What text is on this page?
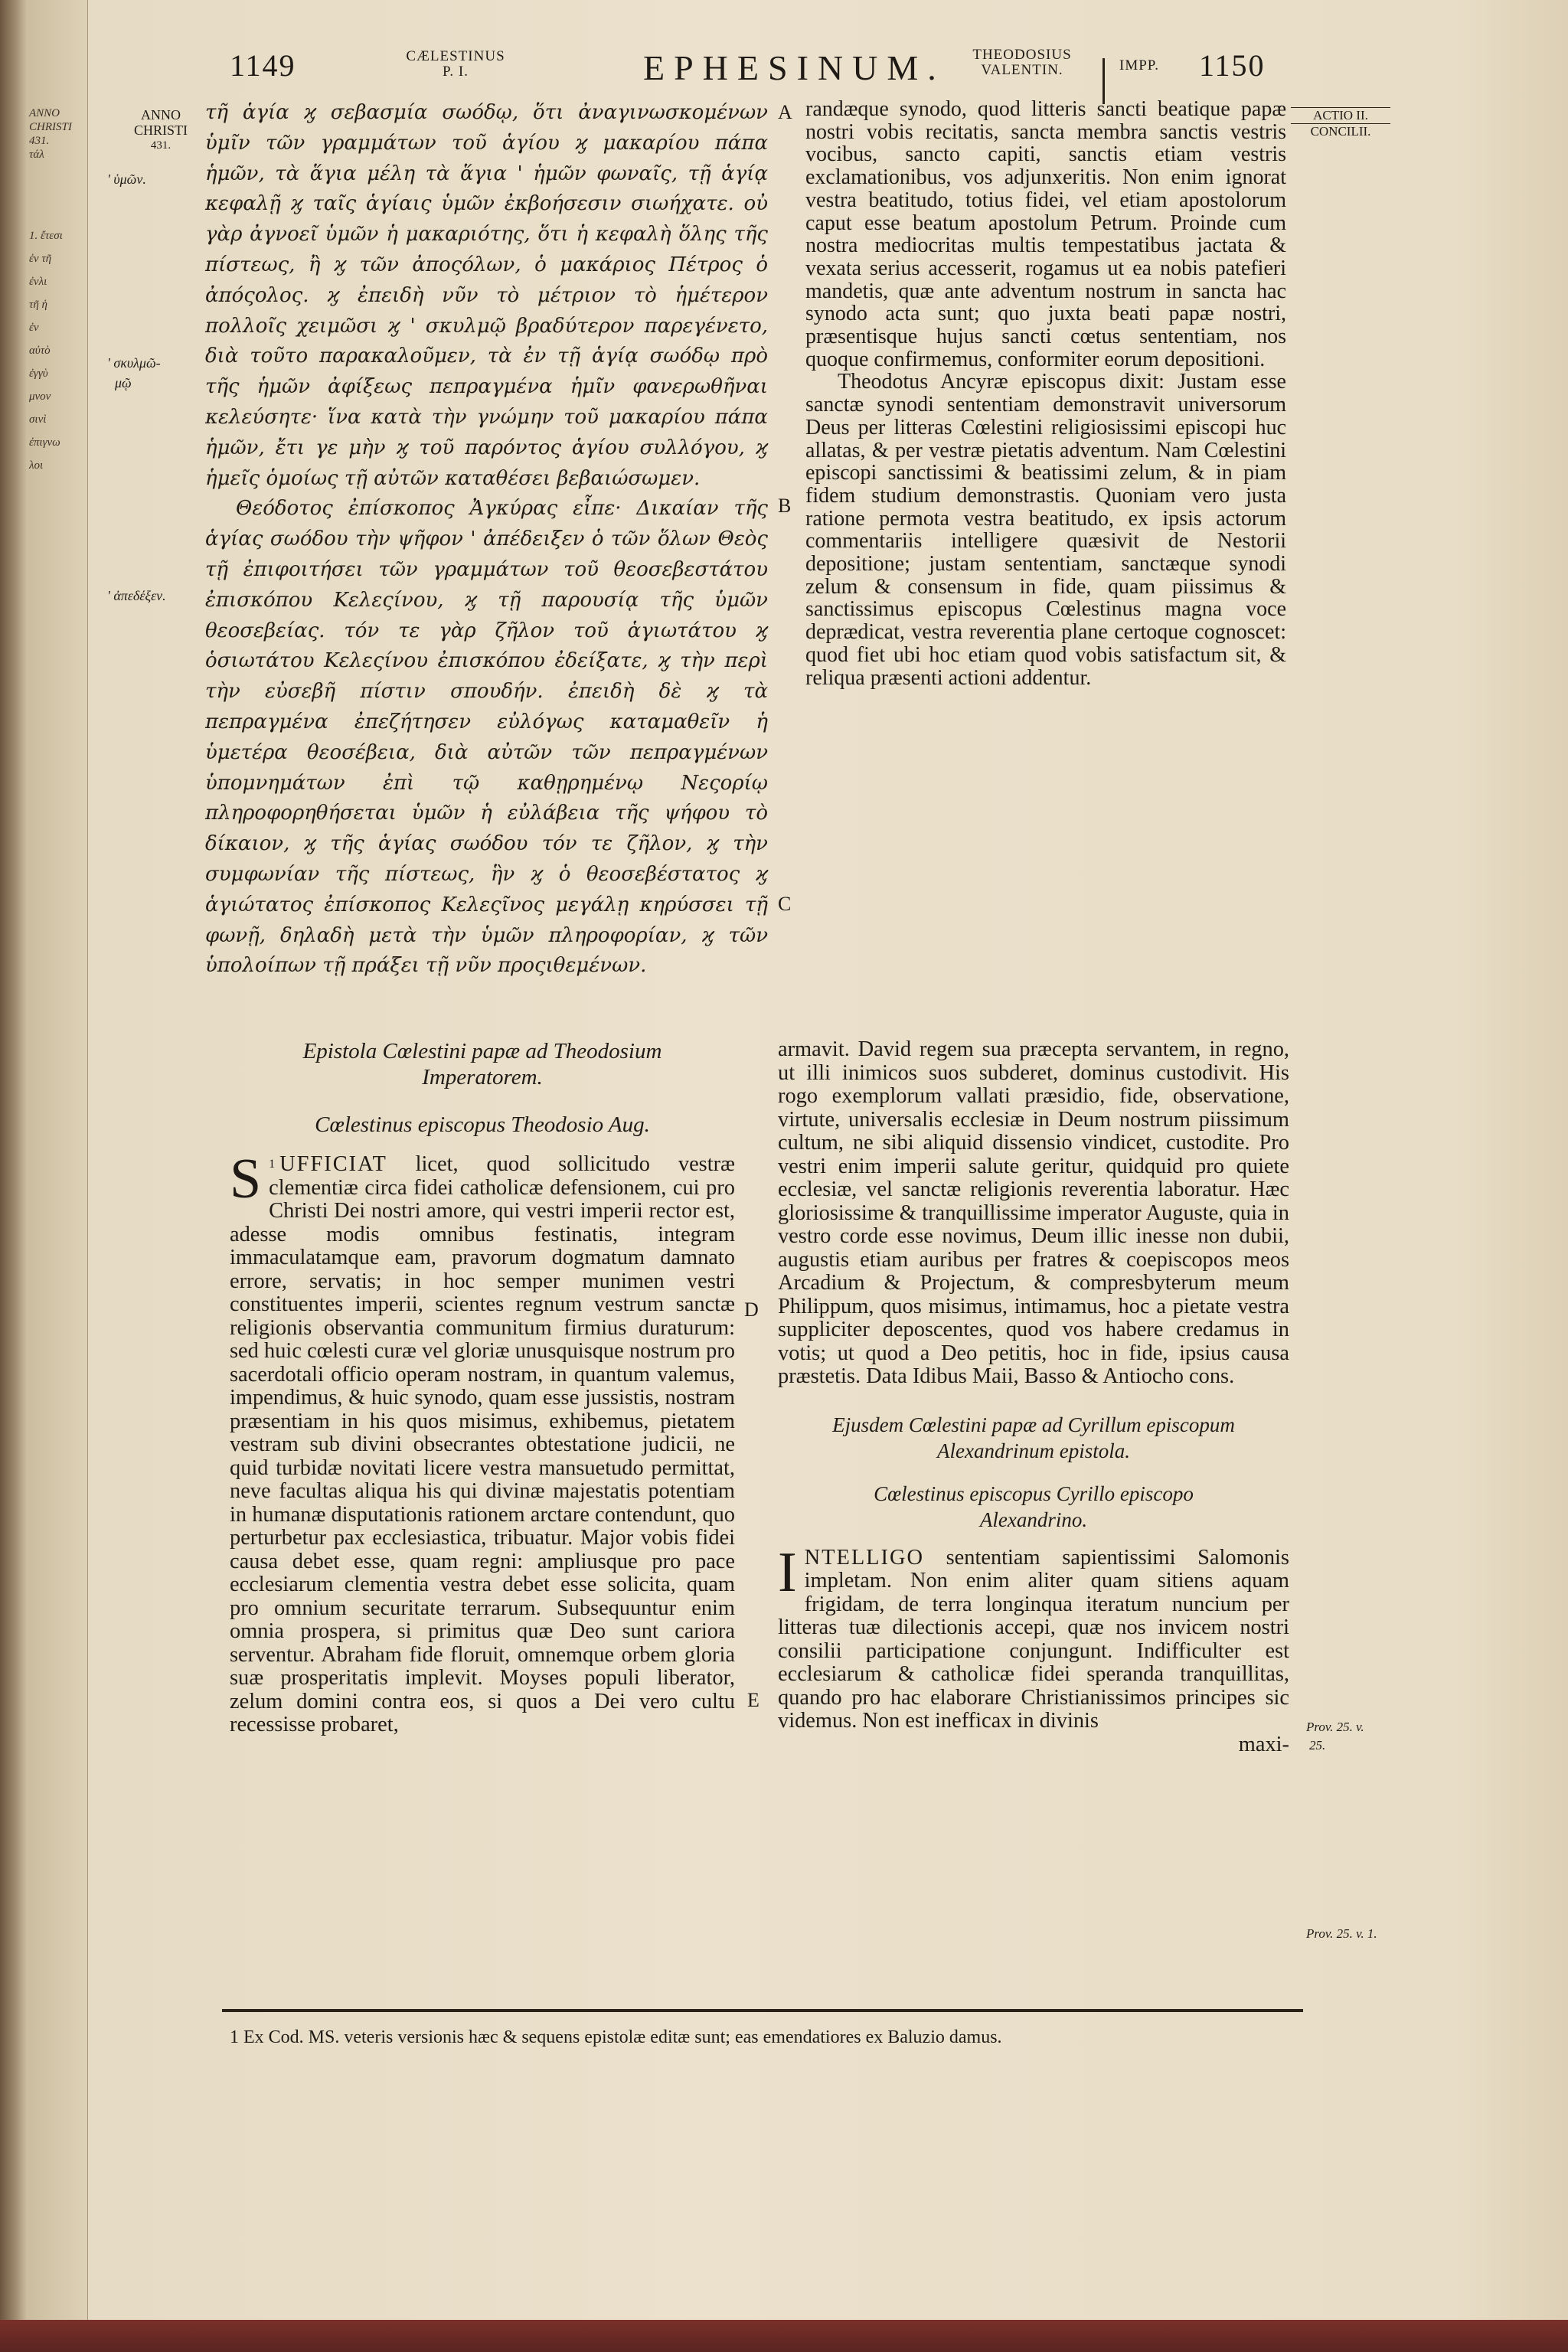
ANNO
CHRISTI
431.
τάλ
1. ἔτεσι
ἐν τῆ
ἐνλι
τῆ ἡ
ἐν
αὐτὸ
ἐγγὺ
μνον
σινὶ
ἐπιγνω
λοι
1149	CÆLESTINUS
P. I.	EPHESINUM.	THEODOSIUS
VALENTIN.	IMPP.	1150
ANNO
CHRISTI
431.
' ὑμῶν.
' σκυλμῶ-
μῷ
' ἀπεδέξεν.
ACTIO II.
CONCILII.
Prov. 25. v.
25.
Prov. 25. v. 1.
A
B
C
D
E

τῆ ἁγία ϗ σεβασμία σωόδῳ, ὅτι ἀναγινωσκομένων ὑμῖν τῶν γραμμάτων τοῦ ἁγίου ϗ μακαρίου πάπα ἡμῶν, τὰ ἅγια μέλη τὰ ἅγια ' ἡμῶν φωναῖς, τῇ ἁγίᾳ κεφαλῇ ϗ ταῖς ἁγίαις ὑμῶν ἐκβοήσεσιν σιωήχατε. οὐ γὰρ ἀγνοεῖ ὑμῶν ἡ μακαριότης, ὅτι ἡ κεφαλὴ ὅλης τῆς πίστεως, ἢ ϗ τῶν ἀποςόλων, ὁ μακάριος Πέτρος ὁ ἀπόςολος. ϗ ἐπειδὴ νῦν τὸ μέτριον τὸ ἡμέτερον πολλοῖς χειμῶσι ϗ ' σκυλμῷ βραδύτερον παρεγένετο, διὰ τοῦτο παρακαλοῦμεν, τὰ ἐν τῇ ἁγίᾳ σωόδῳ πρὸ τῆς ἡμῶν ἀφίξεως πεπραγμένα ἡμῖν φανερωθῆναι κελεύσητε· ἵνα κατὰ τὴν γνώμην τοῦ μακαρίου πάπα ἡμῶν, ἔτι γε μὴν ϗ τοῦ παρόντος ἁγίου συλλόγου, ϗ ἡμεῖς ὁμοίως τῇ αὐτῶν καταθέσει βεβαιώσωμεν.

Θεόδοτος ἐπίσκοπος Ἀγκύρας εἶπε· Δικαίαν τῆς ἁγίας σωόδου τὴν ψῆφον ' ἀπέδειξεν ὁ τῶν ὅλων Θεὸς τῇ ἐπιφοιτήσει τῶν γραμμάτων τοῦ θεοσεβεστάτου ἐπισκόπου Κελεςίνου, ϗ τῇ παρουσίᾳ τῆς ὑμῶν θεοσεβείας. τόν τε γὰρ ζῆλον τοῦ ἁγιωτάτου ϗ ὁσιωτάτου Κελεςίνου ἐπισκόπου ἐδείξατε, ϗ τὴν περὶ τὴν εὐσεβῆ πίστιν σπουδήν. ἐπειδὴ δὲ ϗ τὰ πεπραγμένα ἐπεζήτησεν εὐλόγως καταμαθεῖν ἡ ὑμετέρα θεοσέβεια, διὰ αὐτῶν τῶν πεπραγμένων ὑπομνημάτων ἐπὶ τῷ καθῃρημένῳ Νεςορίῳ πληροφορηθήσεται ὑμῶν ἡ εὐλάβεια τῆς ψήφου τὸ δίκαιον, ϗ τῆς ἁγίας σωόδου τόν τε ζῆλον, ϗ τὴν συμφωνίαν τῆς πίστεως, ἣν ϗ ὁ θεοσεβέστατος ϗ ἁγιώτατος ἐπίσκοπος Κελεςῖνος μεγάλῃ κηρύσσει τῇ φωνῇ, δηλαδὴ μετὰ τὴν ὑμῶν πληροφορίαν, ϗ τῶν ὑπολοίπων τῇ πράξει τῇ νῦν προςιθεμένων.

randæque synodo, quod litteris sancti beatique papæ nostri vobis recitatis, sancta membra sanctis vestris vocibus, sancto capiti, sanctis etiam vestris exclamationibus, vos adjunxeritis. Non enim ignorat vestra beatitudo, totius fidei, vel etiam apostolorum caput esse beatum apostolum Petrum. Proinde cum nostra mediocritas multis tempestatibus jactata & vexata serius accesserit, rogamus ut ea nobis patefieri mandetis, quæ ante adventum nostrum in sancta hac synodo acta sunt; quo juxta beati papæ nostri, præsentisque hujus sancti cœtus sententiam, nos quoque confirmemus, conformiter eorum depositioni.

Theodotus Ancyræ episcopus dixit: Justam esse sanctæ synodi sententiam demonstravit universorum Deus per litteras Cœlestini religiosissimi episcopi huc allatas, & per vestræ pietatis adventum. Nam Cœlestini episcopi sanctissimi & beatissimi zelum, & in piam fidem studium demonstrastis. Quoniam vero justa ratione permota vestra beatitudo, ex ipsis actorum commentariis intelligere quæsivit de Nestorii depositione; justam sententiam, sanctæque synodi zelum & consensum in fide, quam piissimus & sanctissimus episcopus Cœlestinus magna voce deprædicat, vestra reverentia plane certoque cognoscet: quod fiet ubi hoc etiam quod vobis satisfactum sit, & reliqua præsenti actioni addentur.

Epistola Cœlestini papæ ad Theodosium
Imperatorem.
Cœlestinus episcopus Theodosio Aug.

$^1$
S UFFICIAT licet, quod sollicitudo vestræ clementiæ circa fidei catholicæ defensionem, cui pro Christi Dei nostri amore, qui vestri imperii rector est, adesse modis omnibus festinatis, integram immaculatamque eam, pravorum dogmatum damnato errore, servatis; in hoc semper munimen vestri constituentes imperii, scientes regnum vestrum sanctæ religionis observantia communitum firmius duraturum: sed huic cœlesti curæ vel gloriæ unusquisque nostrum pro sacerdotali officio operam nostram, in quantum valemus, impendimus, & huic synodo, quam esse jussistis, nostram præsentiam in his quos misimus, exhibemus, pietatem vestram sub divini obsecrantes obtestatione judicii, ne quid turbidæ novitati licere vestra mansuetudo permittat, neve facultas aliqua his qui divinæ majestatis potentiam in humanæ disputationis rationem arctare contendunt, quo perturbetur pax ecclesiastica, tribuatur. Major vobis fidei causa debet esse, quam regni: ampliusque pro pace ecclesiarum clementia vestra debet esse solicita, quam pro omnium securitate terrarum. Subsequuntur enim omnia prospera, si primitus quæ Deo sunt cariora serventur. Abraham fide floruit, omnemque orbem gloria suæ prosperitatis implevit. Moyses populi liberator, zelum domini contra eos, si quos a Dei vero cultu recessisse probaret,

armavit. David regem sua præcepta servantem, in regno, ut illi inimicos suos subderet, dominus custodivit. His rogo exemplorum vallati præsidio, fide, observatione, virtute, universalis ecclesiæ in Deum nostrum piissimum cultum, ne sibi aliquid dissensio vindicet, custodite. Pro vestri enim imperii salute geritur, quidquid pro quiete ecclesiæ, vel sanctæ religionis reverentia laboratur. Hæc gloriosissime & tranquillissime imperator Auguste, quia in vestro corde esse novimus, Deum illic inesse non dubii, augustis etiam auribus per fratres & coepiscopos meos Arcadium & Projectum, & compresbyterum meum Philippum, quos misimus, intimamus, hoc a pietate vestra suppliciter deposcentes, quod vos habere credamus in votis; ut quod a Deo petitis, hoc in fide, ipsius causa præstetis. Data Idibus Maii, Basso & Antiocho cons.

Ejusdem Cœlestini papæ ad Cyrillum episcopum
Alexandrinum epistola.
Cœlestinus episcopus Cyrillo episcopo
Alexandrino.

INTELLIGO sententiam sapientissimi Salomonis impletam. Non enim aliter quam sitiens aquam frigidam, de terra longinqua iteratum nuncium per litteras tuæ dilectionis accepi, quæ nos invicem nostri consilii participatione conjungunt. Indifficulter est ecclesiarum & catholicæ fidei speranda tranquillitas, quando pro hac elaborare Christianissimos principes sic videmus. Non est inefficax in divinis

maxi-
1 Ex Cod. MS. veteris versionis hæc & sequens epistolæ editæ sunt; eas emendatiores ex Baluzio damus.
